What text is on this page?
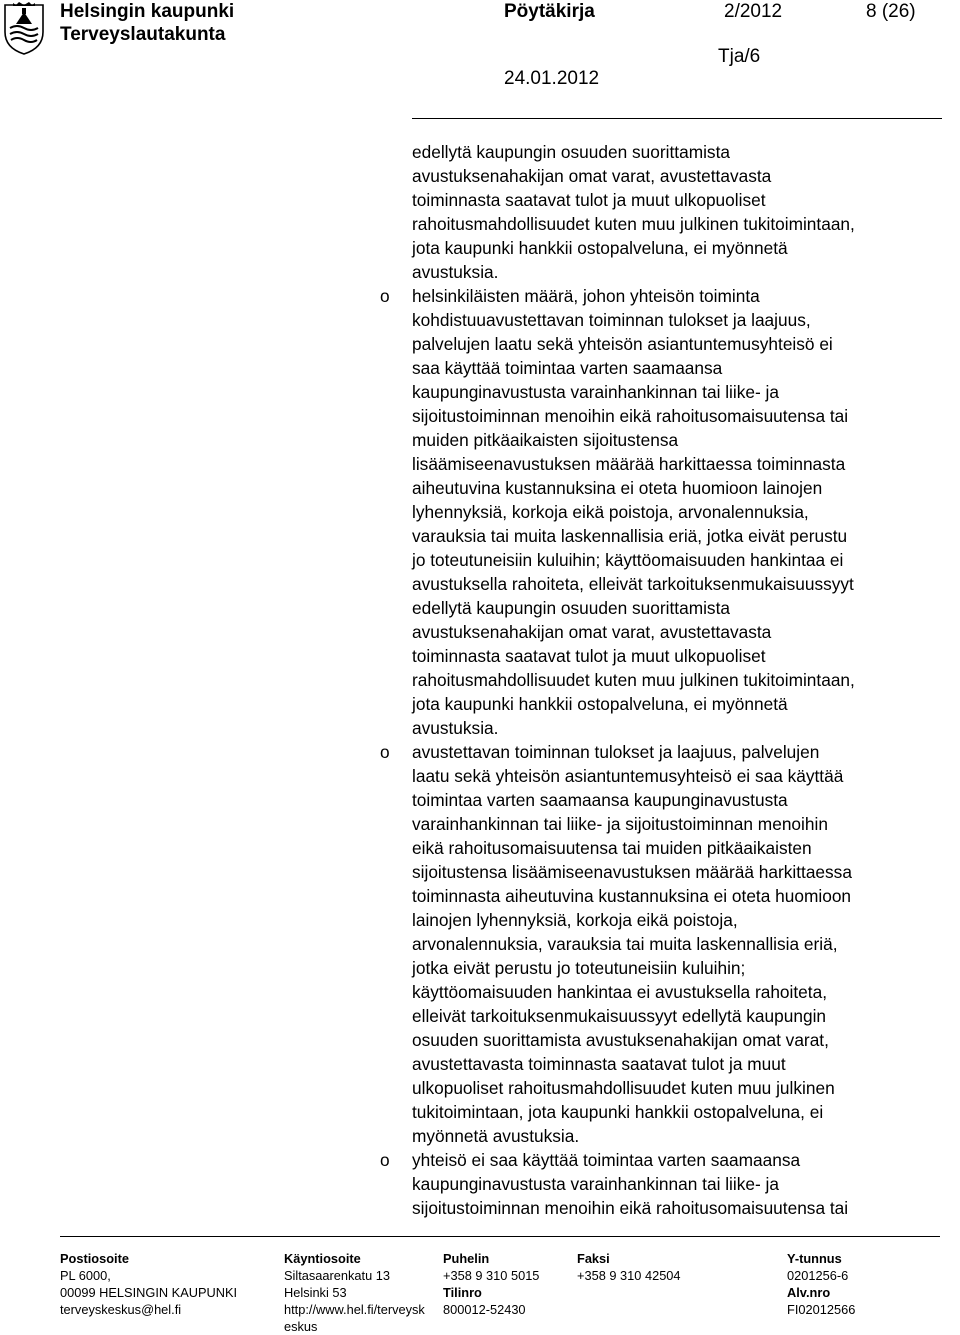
Helsingin kaupunki
Terveyslautakunta
Pöytäkirja	2/2012	8 (26)
Tja/6
24.01.2012
edellytä kaupungin osuuden suorittamista
avustuksenahakijan omat varat, avustettavasta
toiminnasta saatavat tulot ja muut ulkopuoliset
rahoitusmahdollisuudet kuten muu julkinen tukitoimintaan,
jota kaupunki hankkii ostopalveluna, ei myönnetä
avustuksia.
o helsinkiläisten määrä, johon yhteisön toiminta
kohdistuuavustettavan toiminnan tulokset ja laajuus,
palvelujen laatu sekä yhteisön asiantuntemusyhteisö ei
saa käyttää toimintaa varten saamaansa
kaupunginavustusta varainhankinnan tai liike- ja
sijoitustoiminnan menoihin eikä rahoitusomaisuutensa tai
muiden pitkäaikaisten sijoitustensa
lisäämiseenavustuksen määrää harkittaessa toiminnasta
aiheutuvina kustannuksina ei oteta huomioon lainojen
lyhennyksiä, korkoja eikä poistoja, arvonalennuksia,
varauksia tai muita laskennallisia eriä, jotka eivät perustu
jo toteutuneisiin kuluihin; käyttöomaisuuden hankintaa ei
avustuksella rahoiteta, elleivät tarkoituksenmukaisuussyyt
edellytä kaupungin osuuden suorittamista
avustuksenahakijan omat varat, avustettavasta
toiminnasta saatavat tulot ja muut ulkopuoliset
rahoitusmahdollisuudet kuten muu julkinen tukitoimintaan,
jota kaupunki hankkii ostopalveluna, ei myönnetä
avustuksia.
o avustettavan toiminnan tulokset ja laajuus, palvelujen
laatu sekä yhteisön asiantuntemusyhteisö ei saa käyttää
toimintaa varten saamaansa kaupunginavustusta
varainhankinnan tai liike- ja sijoitustoiminnan menoihin
eikä rahoitusomaisuutensa tai muiden pitkäaikaisten
sijoitustensa lisäämiseenavustuksen määrää harkittaessa
toiminnasta aiheutuvina kustannuksina ei oteta huomioon
lainojen lyhennyksiä, korkoja eikä poistoja,
arvonalennuksia, varauksia tai muita laskennallisia eriä,
jotka eivät perustu jo toteutuneisiin kuluihin;
käyttöomaisuuden hankintaa ei avustuksella rahoiteta,
elleivät tarkoituksenmukaisuussyyt edellytä kaupungin
osuuden suorittamista avustuksenahakijan omat varat,
avustettavasta toiminnasta saatavat tulot ja muut
ulkopuoliset rahoitusmahdollisuudet kuten muu julkinen
tukitoimintaan, jota kaupunki hankkii ostopalveluna, ei
myönnetä avustuksia.
o yhteisö ei saa käyttää toimintaa varten saamaansa
kaupunginavustusta varainhankinnan tai liike- ja
sijoitustoiminnan menoihin eikä rahoitusomaisuutensa tai
Postiosoite
PL 6000,
00099 HELSINGIN KAUPUNKI
terveyskeskus@hel.fi
Käyntiosoite
Siltasaarenkatu 13
Helsinki 53
http://www.hel.fi/terveysk
eskus
Puhelin
+358 9 310 5015
Tilinro
800012-52430
Faksi
+358 9 310 42504
Y-tunnus
0201256-6
Alv.nro
FI02012566
